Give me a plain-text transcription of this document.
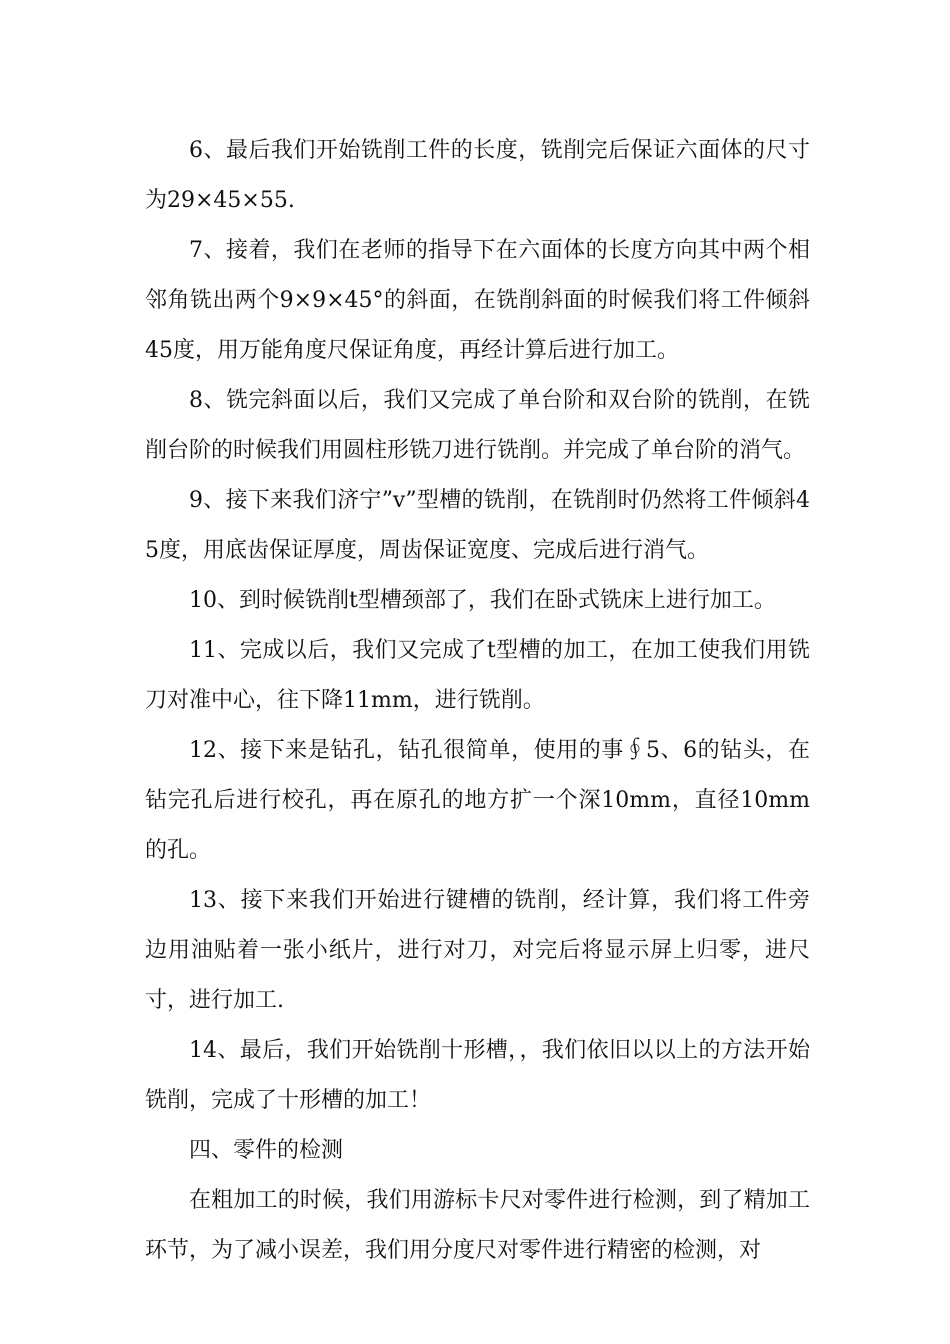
6、最后我们开始铣削工件的长度，铣削完后保证六面体的尺寸为29×45×55.

7、接着，我们在老师的指导下在六面体的长度方向其中两个相邻角铣出两个9×9×45°的斜面，在铣削斜面的时候我们将工件倾斜45度，用万能角度尺保证角度，再经计算后进行加工。

8、铣完斜面以后，我们又完成了单台阶和双台阶的铣削，在铣削台阶的时候我们用圆柱形铣刀进行铣削。并完成了单台阶的消气。

9、接下来我们济宁”v”型槽的铣削，在铣削时仍然将工件倾斜45度，用底齿保证厚度，周齿保证宽度、完成后进行消气。

10、到时候铣削t型槽颈部了，我们在卧式铣床上进行加工。

11、完成以后，我们又完成了t型槽的加工，在加工使我们用铣刀对准中心，往下降11mm，进行铣削。

12、接下来是钻孔，钻孔很简单，使用的事∮5、6的钻头，在钻完孔后进行校孔，再在原孔的地方扩一个深10mm，直径10mm的孔。

13、接下来我们开始进行键槽的铣削，经计算，我们将工件旁边用油贴着一张小纸片，进行对刀，对完后将显示屏上归零，进尺寸，进行加工.

14、最后，我们开始铣削十形槽，，我们依旧以以上的方法开始铣削，完成了十形槽的加工！

四、零件的检测

在粗加工的时候，我们用游标卡尺对零件进行检测，到了精加工环节，为了减小误差，我们用分度尺对零件进行精密的检测，对
